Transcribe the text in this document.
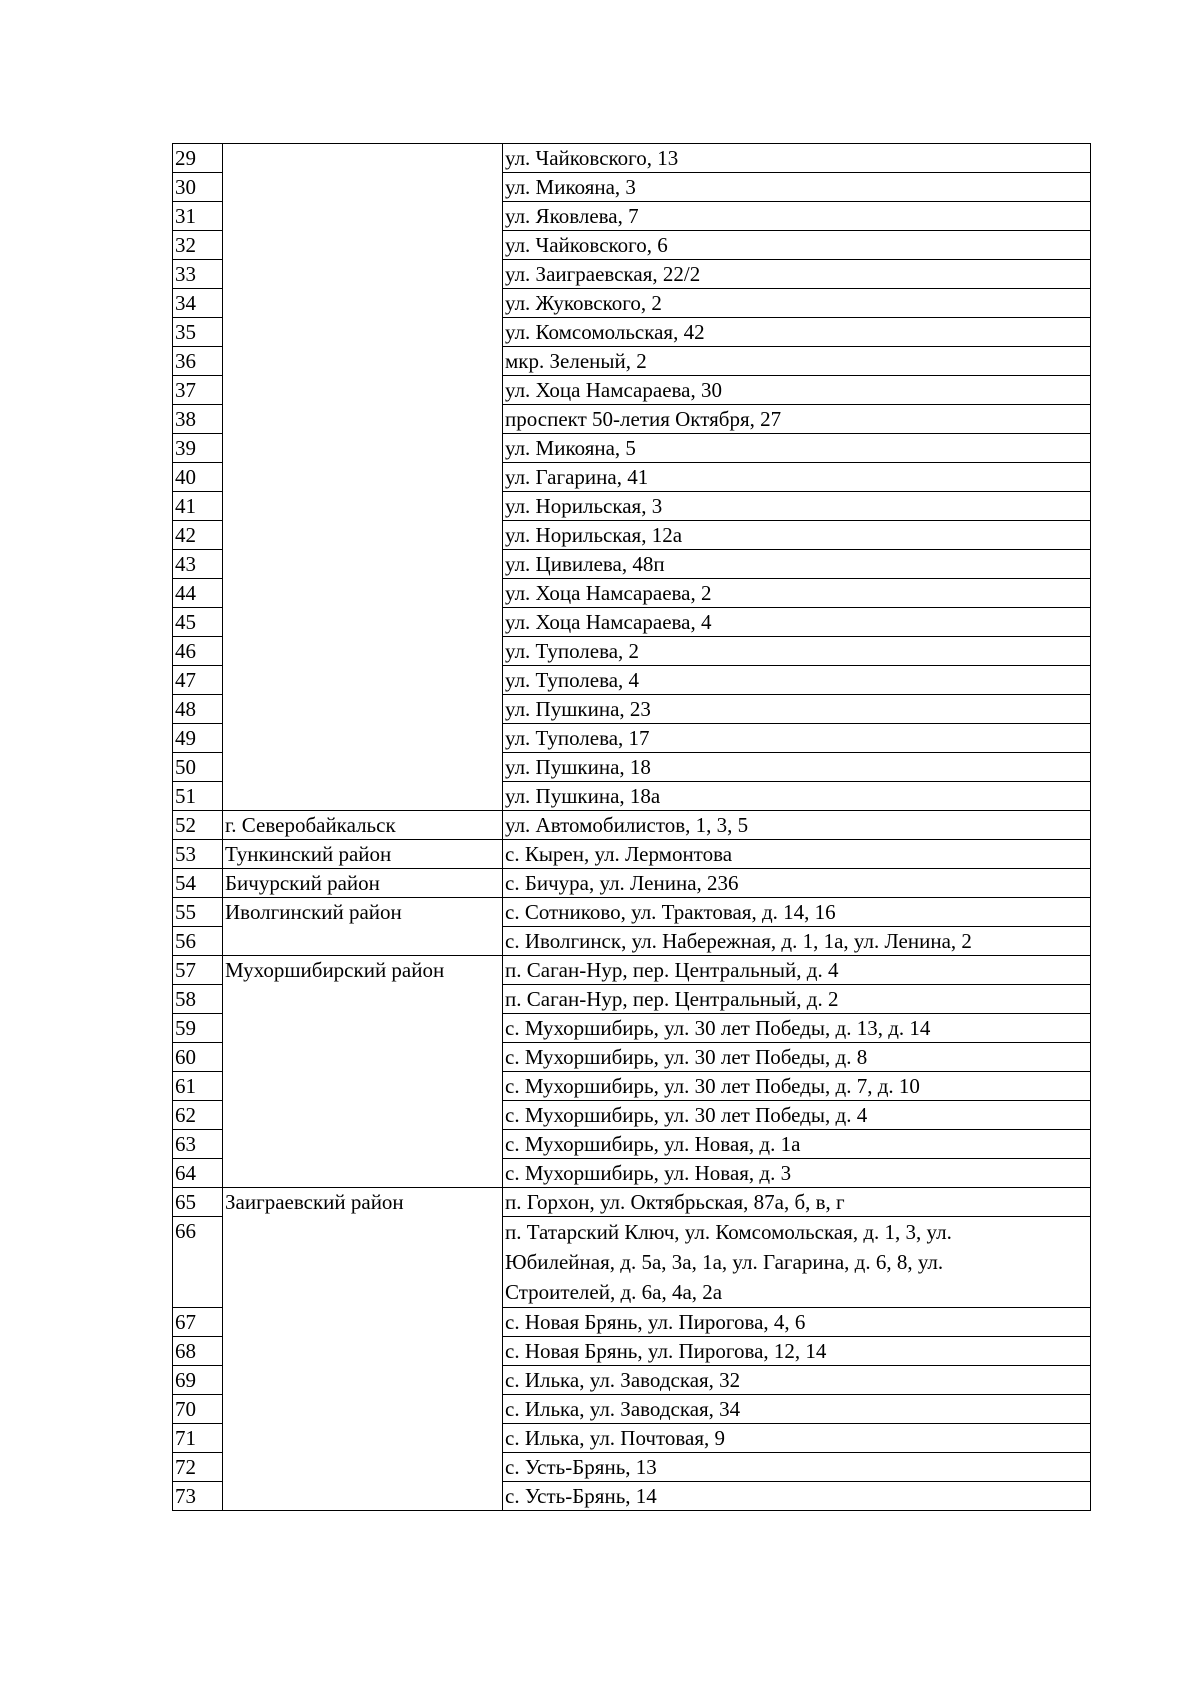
29		ул. Чайковского, 13
30		ул. Микояна, 3
31		ул. Яковлева, 7
32		ул. Чайковского, 6
33		ул. Заиграевская, 22/2
34		ул. Жуковского, 2
35		ул. Комсомольская, 42
36		мкр. Зеленый, 2
37		ул. Хоца Намсараева, 30
38		проспект 50-летия Октября, 27
39		ул. Микояна, 5
40		ул. Гагарина, 41
41		ул. Норильская, 3
42		ул. Норильская, 12а
43		ул. Цивилева, 48п
44		ул. Хоца Намсараева, 2
45		ул. Хоца Намсараева, 4
46		ул. Туполева, 2
47		ул. Туполева, 4
48		ул. Пушкина, 23
49		ул. Туполева, 17
50		ул. Пушкина, 18
51		ул. Пушкина, 18а
52	г. Северобайкальск	ул. Автомобилистов, 1, 3, 5
53	Тункинский район	с. Кырен, ул. Лермонтова
54	Бичурский район	с. Бичура, ул. Ленина, 236
55	Иволгинский район	с. Сотниково, ул. Трактовая, д. 14, 16
56		с. Иволгинск, ул. Набережная, д. 1, 1а, ул. Ленина, 2
57	Мухоршибирский район	п. Саган-Нур, пер. Центральный, д. 4
58		п. Саган-Нур, пер. Центральный, д. 2
59		с. Мухоршибирь, ул. 30 лет Победы, д. 13, д. 14
60		с. Мухоршибирь, ул. 30 лет Победы, д. 8
61		с. Мухоршибирь, ул. 30 лет Победы, д. 7, д. 10
62		с. Мухоршибирь, ул. 30 лет Победы, д. 4
63		с. Мухоршибирь, ул. Новая, д. 1а
64		с. Мухоршибирь, ул. Новая, д. 3
65	Заиграевский район	п. Горхон, ул. Октябрьская, 87а, б, в, г
66		п. Татарский Ключ, ул. Комсомольская, д. 1, 3, ул.
Юбилейная, д. 5а, 3а, 1а, ул. Гагарина, д. 6, 8, ул.
Строителей, д. 6а, 4а, 2а

67		с. Новая Брянь, ул. Пирогова, 4, 6
68		с. Новая Брянь, ул. Пирогова, 12, 14
69		с. Илька, ул. Заводская, 32
70		с. Илька, ул. Заводская, 34
71		с. Илька, ул. Почтовая, 9
72		с. Усть-Брянь, 13
73		с. Усть-Брянь, 14
